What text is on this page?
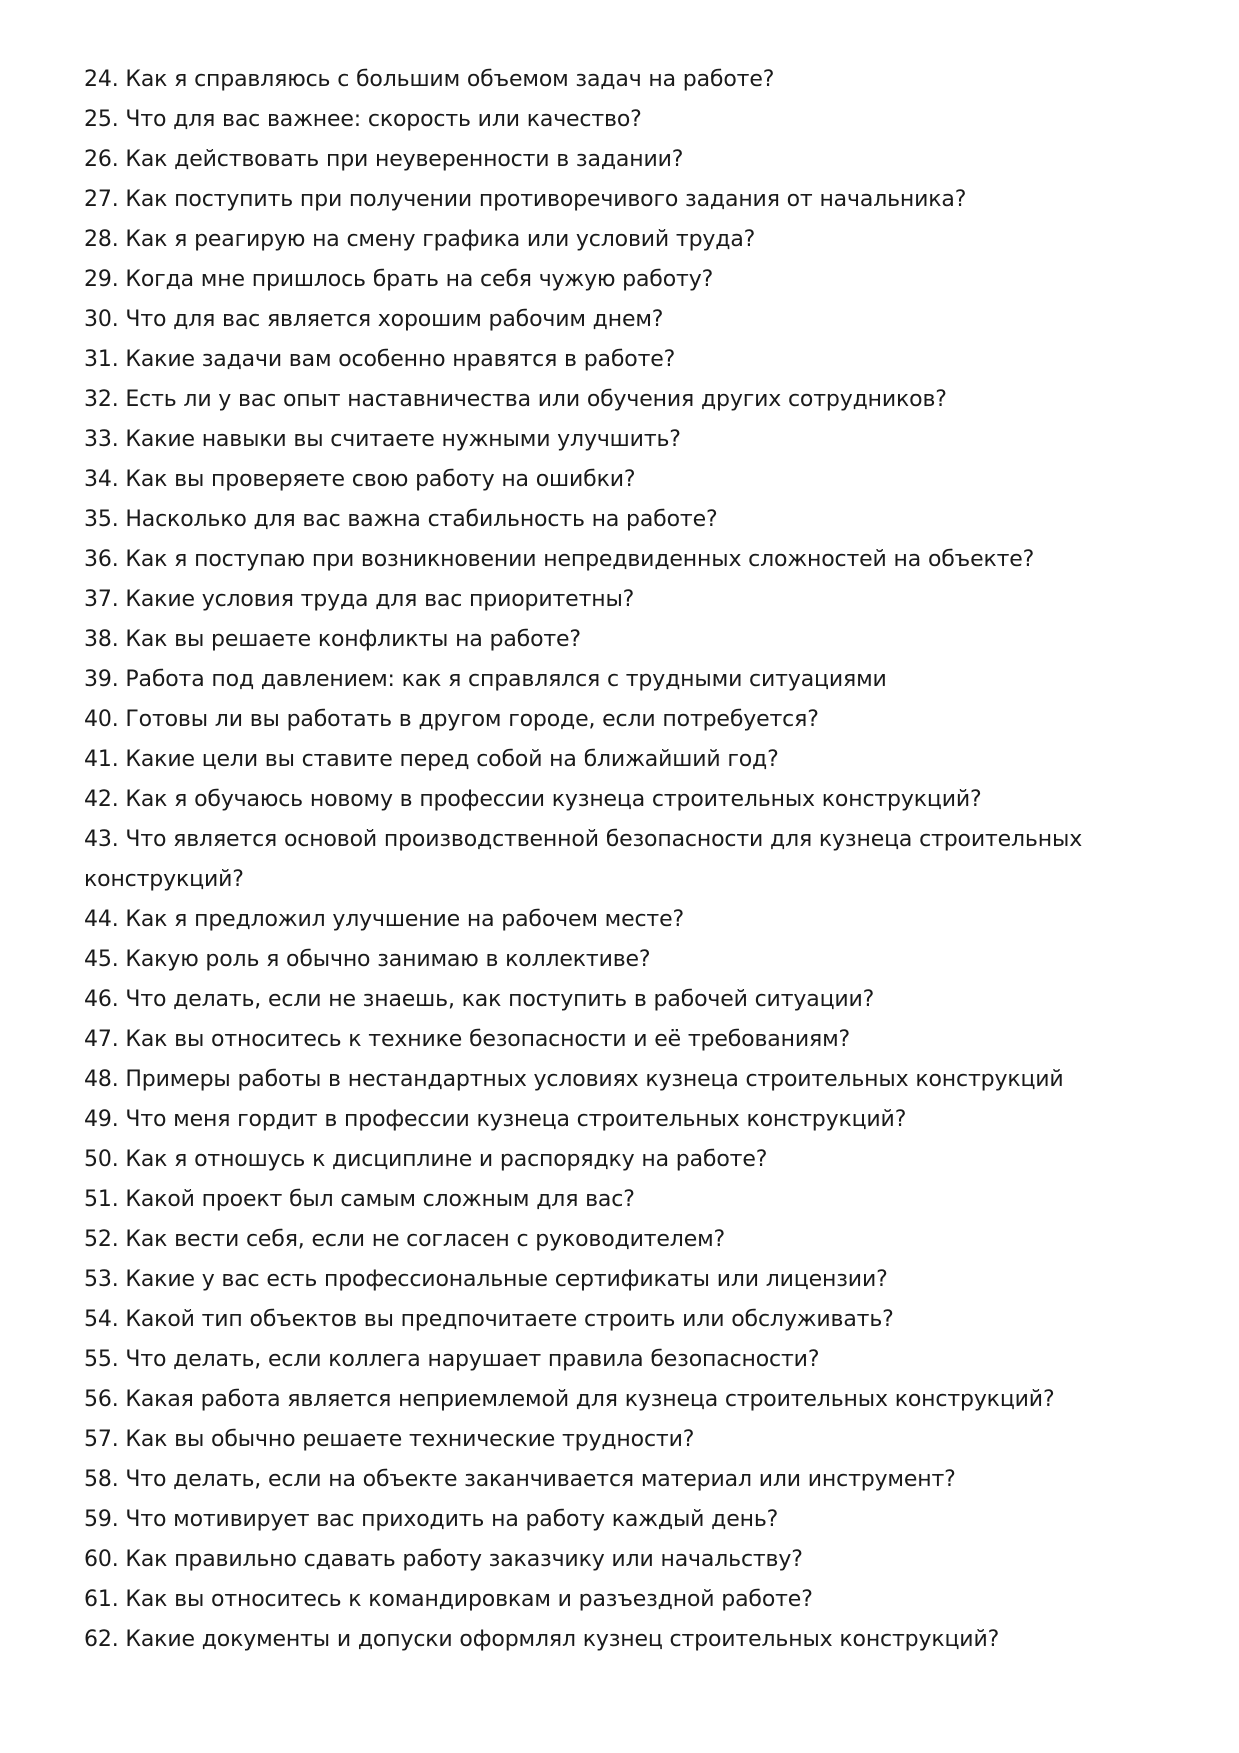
24. Как я справляюсь с большим объемом задач на работе?
25. Что для вас важнее: скорость или качество?
26. Как действовать при неуверенности в задании?
27. Как поступить при получении противоречивого задания от начальника?
28. Как я реагирую на смену графика или условий труда?
29. Когда мне пришлось брать на себя чужую работу?
30. Что для вас является хорошим рабочим днем?
31. Какие задачи вам особенно нравятся в работе?
32. Есть ли у вас опыт наставничества или обучения других сотрудников?
33. Какие навыки вы считаете нужными улучшить?
34. Как вы проверяете свою работу на ошибки?
35. Насколько для вас важна стабильность на работе?
36. Как я поступаю при возникновении непредвиденных сложностей на объекте?
37. Какие условия труда для вас приоритетны?
38. Как вы решаете конфликты на работе?
39. Работа под давлением: как я справлялся с трудными ситуациями
40. Готовы ли вы работать в другом городе, если потребуется?
41. Какие цели вы ставите перед собой на ближайший год?
42. Как я обучаюсь новому в профессии кузнеца строительных конструкций?
43. Что является основой производственной безопасности для кузнеца строительных
конструкций?
44. Как я предложил улучшение на рабочем месте?
45. Какую роль я обычно занимаю в коллективе?
46. Что делать, если не знаешь, как поступить в рабочей ситуации?
47. Как вы относитесь к технике безопасности и её требованиям?
48. Примеры работы в нестандартных условиях кузнеца строительных конструкций
49. Что меня гордит в профессии кузнеца строительных конструкций?
50. Как я отношусь к дисциплине и распорядку на работе?
51. Какой проект был самым сложным для вас?
52. Как вести себя, если не согласен с руководителем?
53. Какие у вас есть профессиональные сертификаты или лицензии?
54. Какой тип объектов вы предпочитаете строить или обслуживать?
55. Что делать, если коллега нарушает правила безопасности?
56. Какая работа является неприемлемой для кузнеца строительных конструкций?
57. Как вы обычно решаете технические трудности?
58. Что делать, если на объекте заканчивается материал или инструмент?
59. Что мотивирует вас приходить на работу каждый день?
60. Как правильно сдавать работу заказчику или начальству?
61. Как вы относитесь к командировкам и разъездной работе?
62. Какие документы и допуски оформлял кузнец строительных конструкций?
